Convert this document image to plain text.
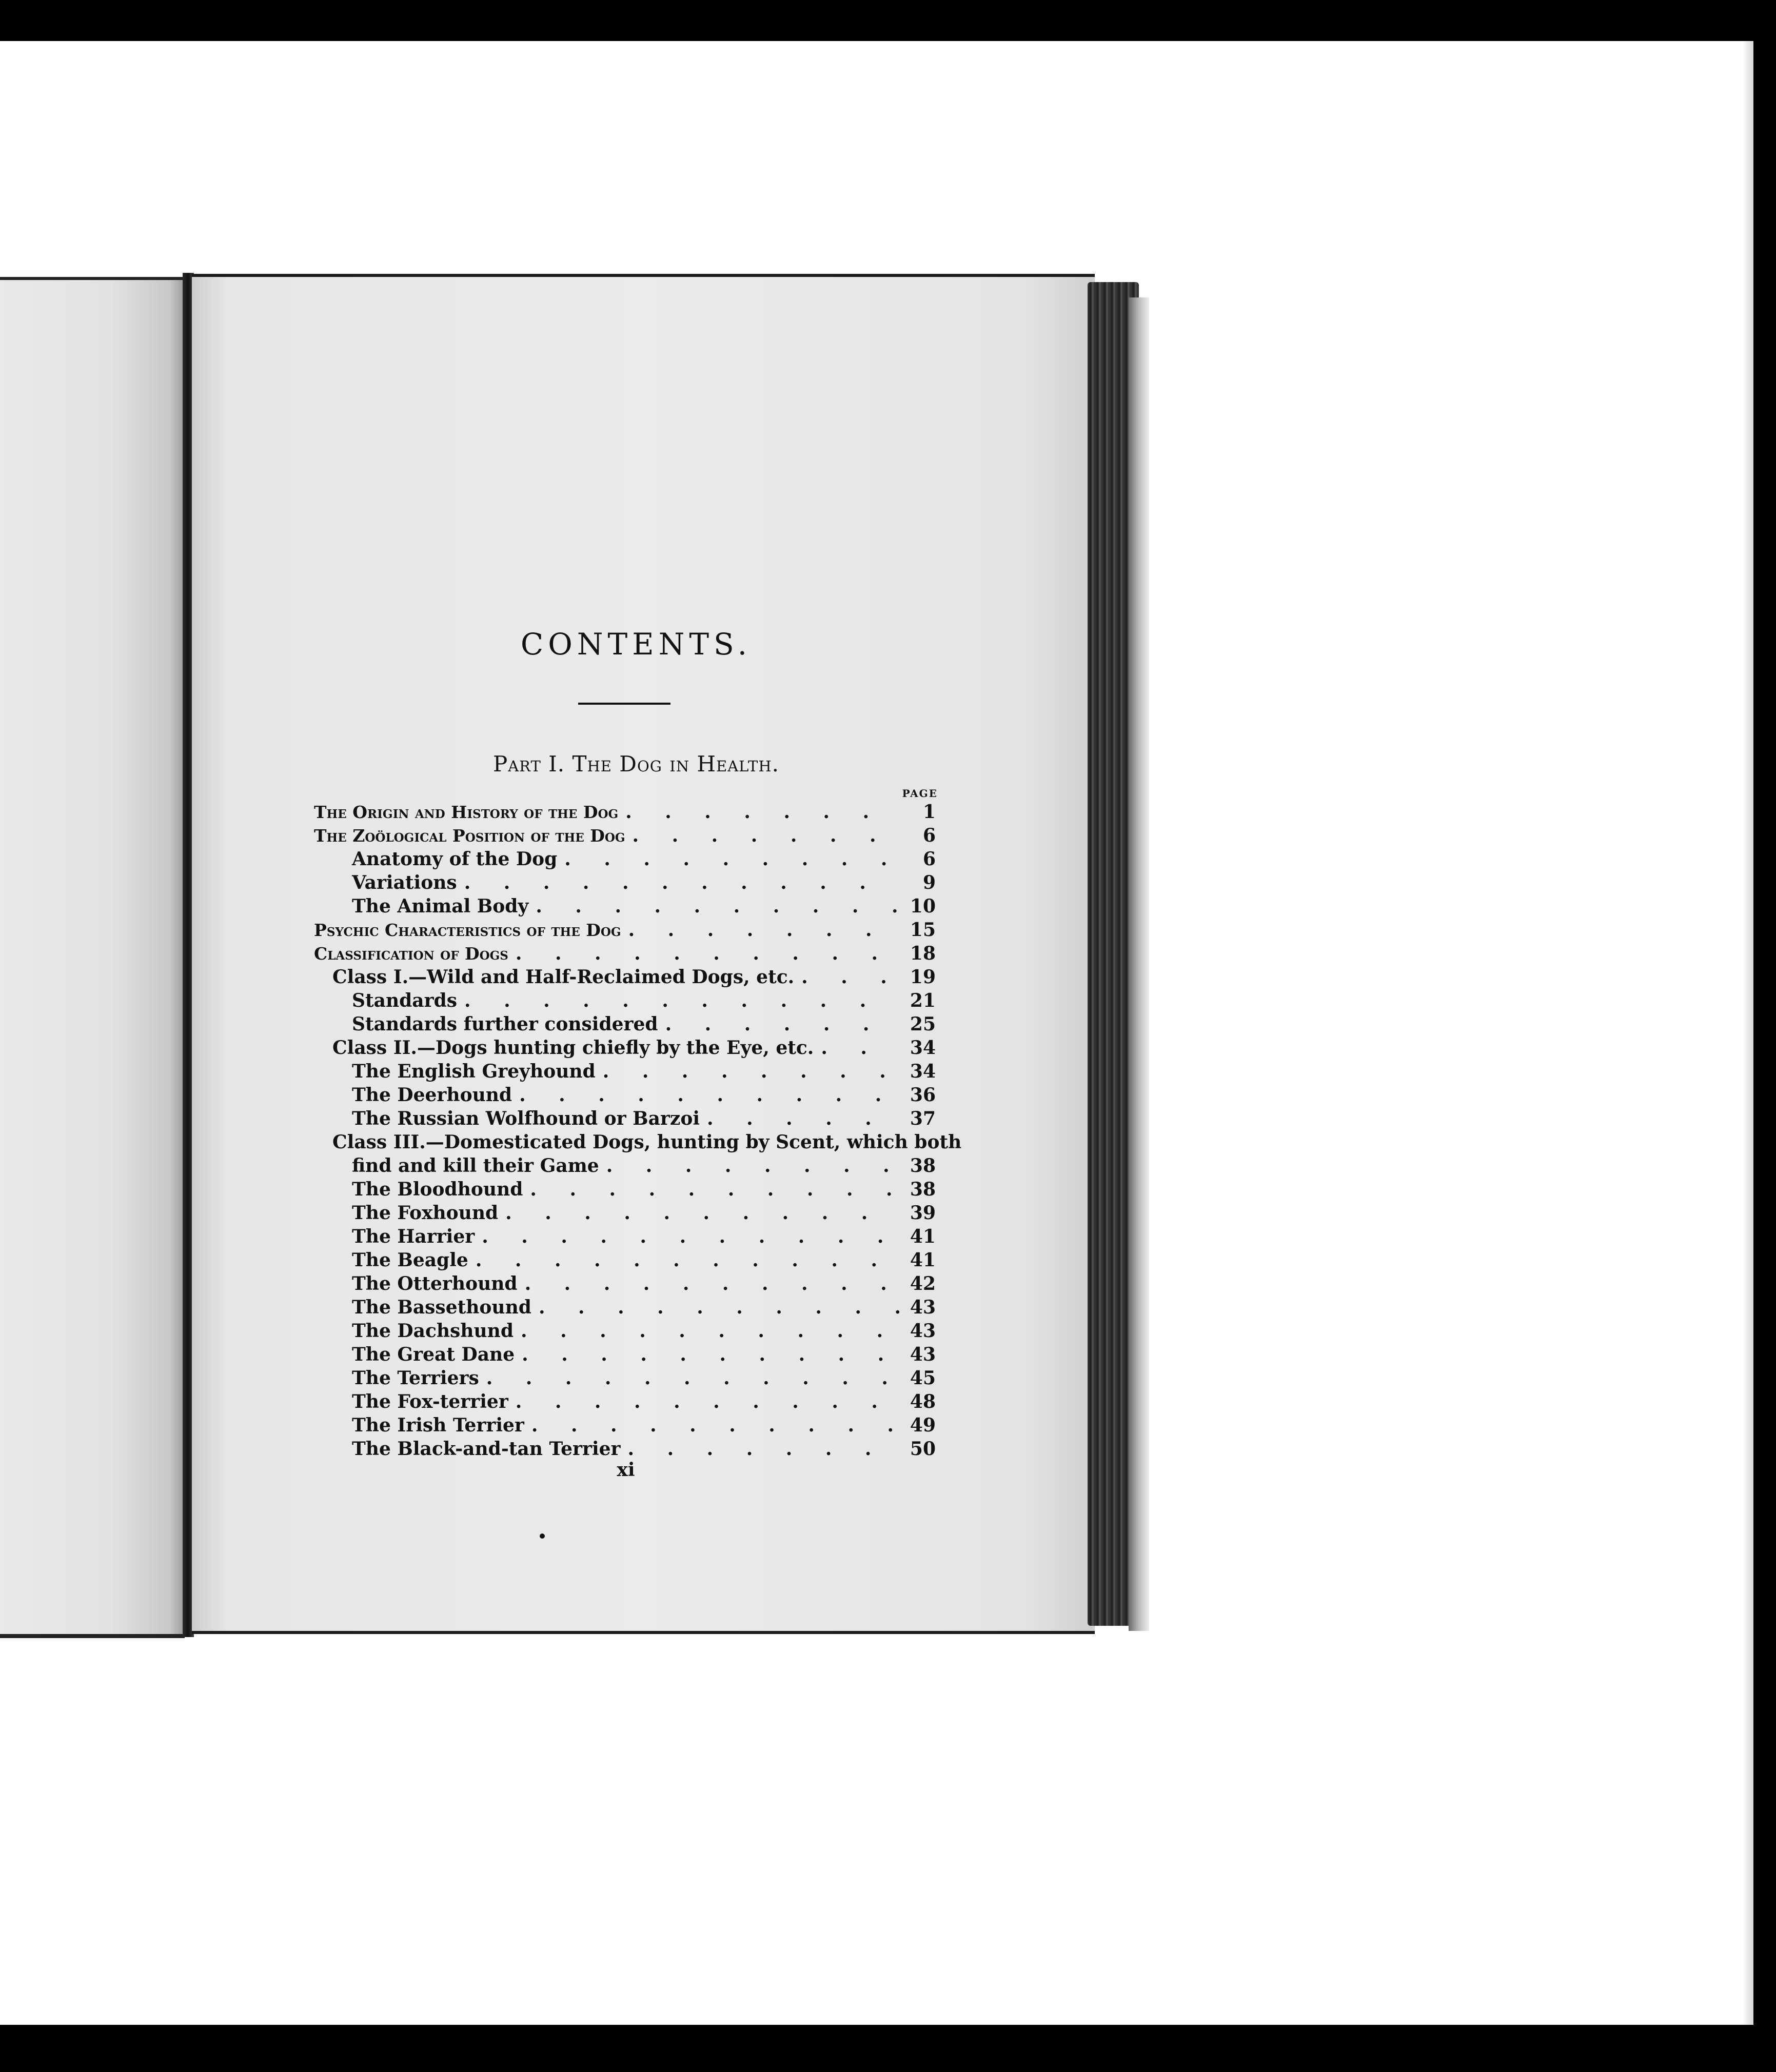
CONTENTS.
Part I. The Dog in Health.
PAGE
The Origin and History of the Dog . . .	1
The Zoölogical Position of the Dog . . .	6
Anatomy of the Dog . . .	6
Variations . . .	9
The Animal Body . . .	10
Psychic Characteristics of the Dog . . .	15
Classification of Dogs . . .	18
Class I.—Wild and Half-Reclaimed Dogs, etc. . . .	19
Standards . . .	21
Standards further considered . . .	25
Class II.—Dogs hunting chiefly by the Eye, etc. . . .	34
The English Greyhound . . .	34
The Deerhound . . .	36
The Russian Wolfhound or Barzoi . . .	37
Class III.—Domesticated Dogs, hunting by Scent, which both
find and kill their Game . . .	38
The Bloodhound . . .	38
The Foxhound . . .	39
The Harrier . . .	41
The Beagle . . .	41
The Otterhound . . .	42
The Bassethound . . .	43
The Dachshund . . .	43
The Great Dane . . .	43
The Terriers . . .	45
The Fox-terrier . . .	48
The Irish Terrier . . .	49
The Black-and-tan Terrier . . .	50
xi
